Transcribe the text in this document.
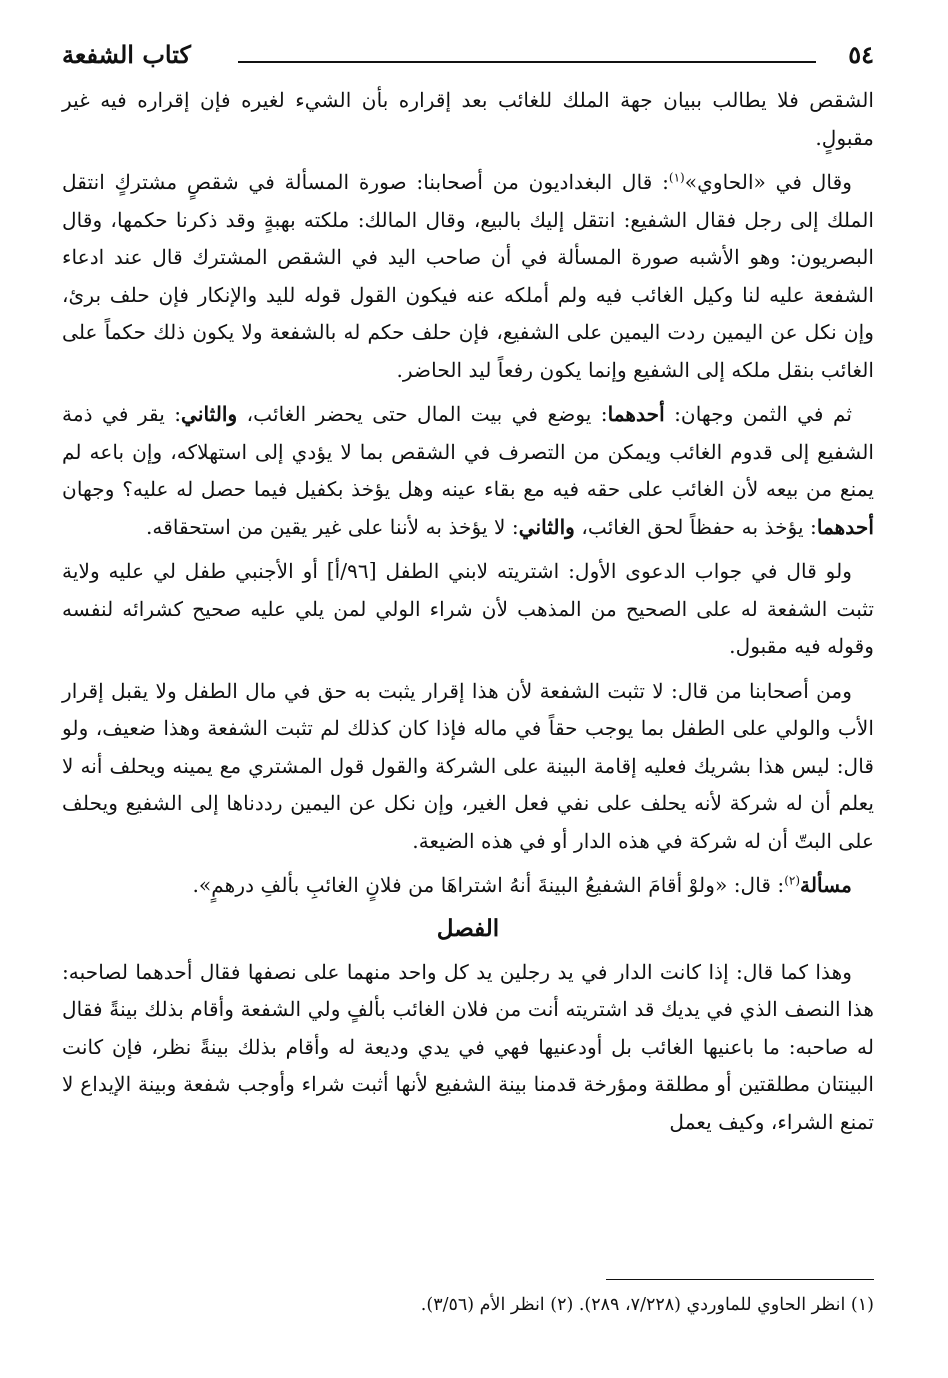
٥٤
كتاب الشفعة

الشقص فلا يطالب ببيان جهة الملك للغائب بعد إقراره بأن الشيء لغيره فإن إقراره فيه غير مقبولٍ.

وقال في «الحاوي»$^{(١)}$: قال البغداديون من أصحابنا: صورة المسألة في شقصٍ مشتركٍ انتقل الملك إلى رجل فقال الشفيع: انتقل إليك بالبيع، وقال المالك: ملكته بهبةٍ وقد ذكرنا حكمها، وقال البصريون: وهو الأشبه صورة المسألة في أن صاحب اليد في الشقص المشترك قال عند ادعاء الشفعة عليه لنا وكيل الغائب فيه ولم أملكه عنه فيكون القول قوله لليد والإنكار فإن حلف برئ، وإن نكل عن اليمين ردت اليمين على الشفيع، فإن حلف حكم له بالشفعة ولا يكون ذلك حكماً على الغائب بنقل ملكه إلى الشفيع وإنما يكون رفعاً ليد الحاضر.

ثم في الثمن وجهان: أحدهما: يوضع في بيت المال حتى يحضر الغائب، والثاني: يقر في ذمة الشفيع إلى قدوم الغائب ويمكن من التصرف في الشقص بما لا يؤدي إلى استهلاكه، وإن باعه لم يمنع من بيعه لأن الغائب على حقه فيه مع بقاء عينه وهل يؤخذ بكفيل فيما حصل له عليه؟ وجهان أحدهما: يؤخذ به حفظاً لحق الغائب، والثاني: لا يؤخذ به لأننا على غير يقين من استحقاقه.

ولو قال في جواب الدعوى الأول: اشتريته لابني الطفل [٩٦/أ] أو الأجنبي طفل لي عليه ولاية تثبت الشفعة له على الصحيح من المذهب لأن شراء الولي لمن يلي عليه صحيح كشرائه لنفسه وقوله فيه مقبول.

ومن أصحابنا من قال: لا تثبت الشفعة لأن هذا إقرار يثبت به حق في مال الطفل ولا يقبل إقرار الأب والولي على الطفل بما يوجب حقاً في ماله فإذا كان كذلك لم تثبت الشفعة وهذا ضعيف، ولو قال: ليس هذا بشريك فعليه إقامة البينة على الشركة والقول قول المشتري مع يمينه ويحلف أنه لا يعلم أن له شركة لأنه يحلف على نفي فعل الغير، وإن نكل عن اليمين رددناها إلى الشفيع ويحلف على البتّ أن له شركة في هذه الدار أو في هذه الضيعة.

مسألة$^{(٢)}$: قال: «ولوْ أقامَ الشفيعُ البينةَ أنهُ اشتراهَا من فلانٍ الغائبِ بألفِ درهمٍ».

الفصل

وهذا كما قال: إذا كانت الدار في يد رجلين يد كل واحد منهما على نصفها فقال أحدهما لصاحبه: هذا النصف الذي في يديك قد اشتريته أنت من فلان الغائب بألفٍ ولي الشفعة وأقام بذلك بينةً فقال له صاحبه: ما باعنيها الغائب بل أودعنيها فهي في يدي وديعة له وأقام بذلك بينةً نظر، فإن كانت البينتان مطلقتين أو مطلقة ومؤرخة قدمنا بينة الشفيع لأنها أثبت شراء وأوجب شفعة وبينة الإيداع لا تمنع الشراء، وكيف يعمل

(١) انظر الحاوي للماوردي (٧/٢٢٨، ٢٨٩). (٢) انظر الأم (٣/٥٦).
